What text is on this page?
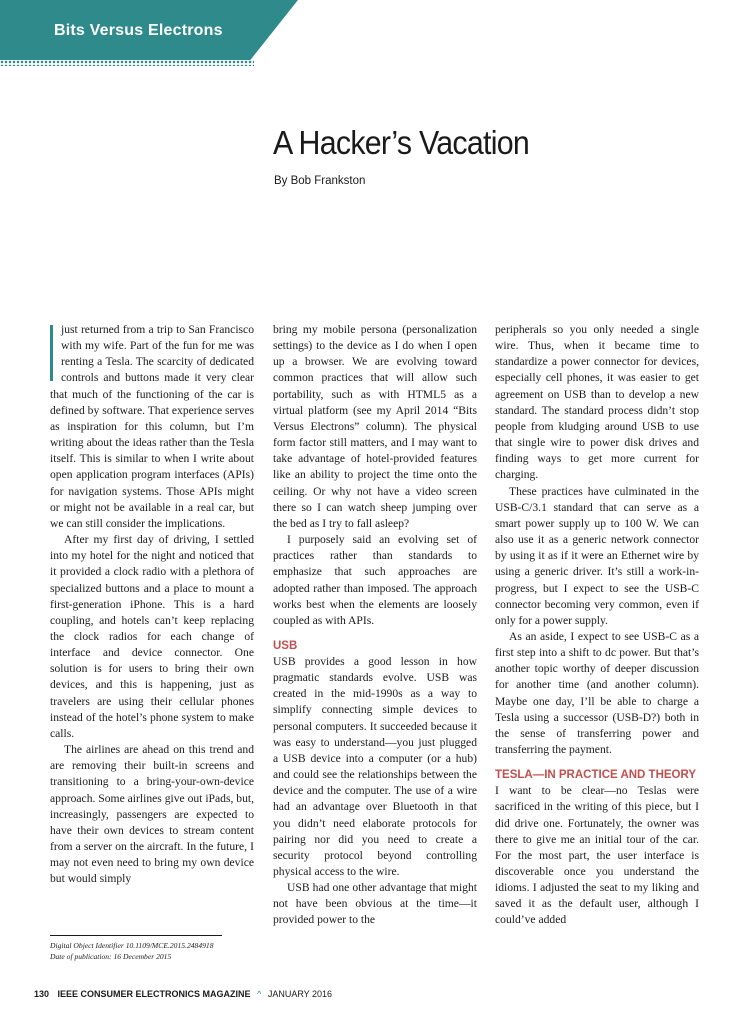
Bits Versus Electrons
A Hacker’s Vacation
By Bob Frankston

just returned from a trip to San Francisco with my wife. Part of the fun for me was renting a Tesla. The scarcity of dedicated controls and buttons made it very clear that much of the functioning of the car is defined by software. That experience serves as inspiration for this column, but I’m writing about the ideas rather than the Tesla itself. This is similar to when I write about open application program interfaces (APIs) for navigation systems. Those APIs might or might not be available in a real car, but we can still consider the implications.

After my first day of driving, I settled into my hotel for the night and noticed that it provided a clock radio with a plethora of specialized buttons and a place to mount a first-generation iPhone. This is a hard coupling, and hotels can’t keep replacing the clock radios for each change of interface and device connector. One solution is for users to bring their own devices, and this is happening, just as travelers are using their cellular phones instead of the hotel’s phone system to make calls.

The airlines are ahead on this trend and are removing their built-in screens and transitioning to a bring-your-own-device approach. Some airlines give out iPads, but, increasingly, passengers are expected to have their own devices to stream content from a server on the aircraft. In the future, I may not even need to bring my own device but would simply

bring my mobile persona (personalization settings) to the device as I do when I open up a browser. We are evolving toward common practices that will allow such portability, such as with HTML5 as a virtual platform (see my April 2014 “Bits Versus Electrons” column). The physical form factor still matters, and I may want to take advantage of hotel-provided features like an ability to project the time onto the ceiling. Or why not have a video screen there so I can watch sheep jumping over the bed as I try to fall asleep?

I purposely said an evolving set of practices rather than standards to emphasize that such approaches are adopted rather than imposed. The approach works best when the elements are loosely coupled as with APIs.

USB

USB provides a good lesson in how pragmatic standards evolve. USB was created in the mid-1990s as a way to simplify connecting simple devices to personal computers. It succeeded because it was easy to understand—you just plugged a USB device into a computer (or a hub) and could see the relationships between the device and the computer. The use of a wire had an advantage over Bluetooth in that you didn’t need elaborate protocols for pairing nor did you need to create a security protocol beyond controlling physical access to the wire.

USB had one other advantage that might not have been obvious at the time—it provided power to the

peripherals so you only needed a single wire. Thus, when it became time to standardize a power connector for devices, especially cell phones, it was easier to get agreement on USB than to develop a new standard. The standard process didn’t stop people from kludging around USB to use that single wire to power disk drives and finding ways to get more current for charging.

These practices have culminated in the USB-C/3.1 standard that can serve as a smart power supply up to 100 W. We can also use it as a generic network connector by using it as if it were an Ethernet wire by using a generic driver. It’s still a work-in-progress, but I expect to see the USB-C connector becoming very common, even if only for a power supply.

As an aside, I expect to see USB-C as a first step into a shift to dc power. But that’s another topic worthy of deeper discussion for another time (and another column). Maybe one day, I’ll be able to charge a Tesla using a successor (USB-D?) both in the sense of transferring power and transferring the payment.

TESLA—IN PRACTICE AND THEORY

I want to be clear—no Teslas were sacrificed in the writing of this piece, but I did drive one. Fortunately, the owner was there to give me an initial tour of the car. For the most part, the user interface is discoverable once you understand the idioms. I adjusted the seat to my liking and saved it as the default user, although I could’ve added

Digital Object Identifier 10.1109/MCE.2015.2484918
Date of publication: 16 December 2015
130 IEEE CONSUMER ELECTRONICS MAGAZINE ^ JANUARY 2016
